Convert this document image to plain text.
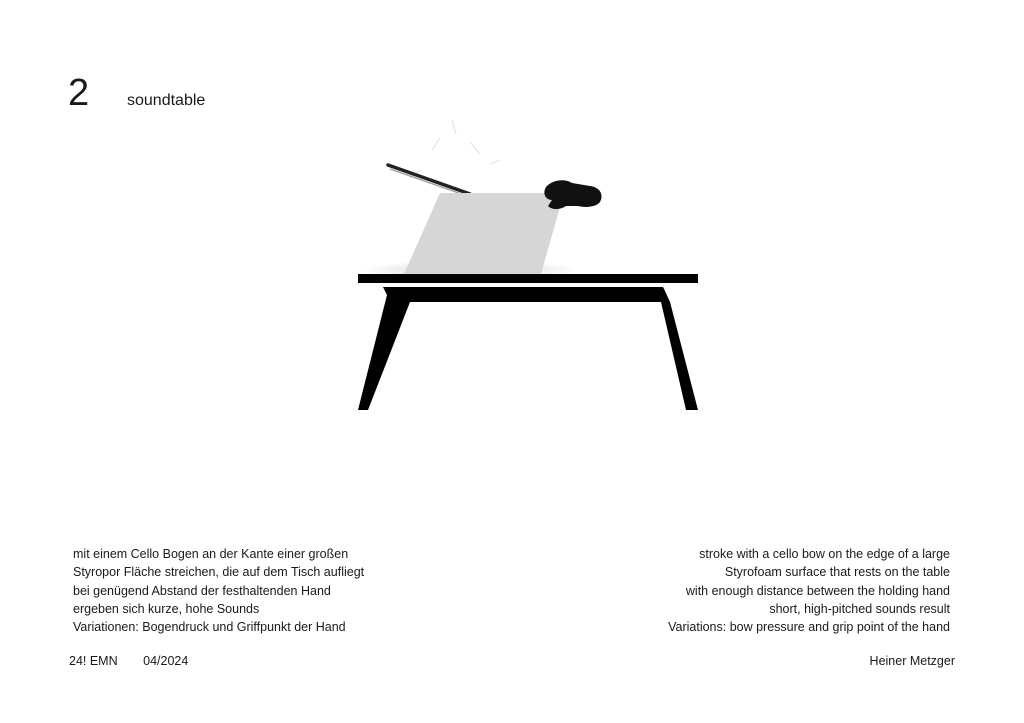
2 soundtable
mit einem Cello Bogen an der Kante einer großen
Styropor Fläche streichen, die auf dem Tisch aufliegt
bei genügend Abstand der festhaltenden Hand
ergeben sich kurze, hohe Sounds
Variationen: Bogendruck und Griffpunkt der Hand
stroke with a cello bow on the edge of a large
Styrofoam surface that rests on the table
with enough distance between the holding hand
short, high-pitched sounds result
Variations: bow pressure and grip point of the hand
24! EMN 04/2024	Heiner Metzger
